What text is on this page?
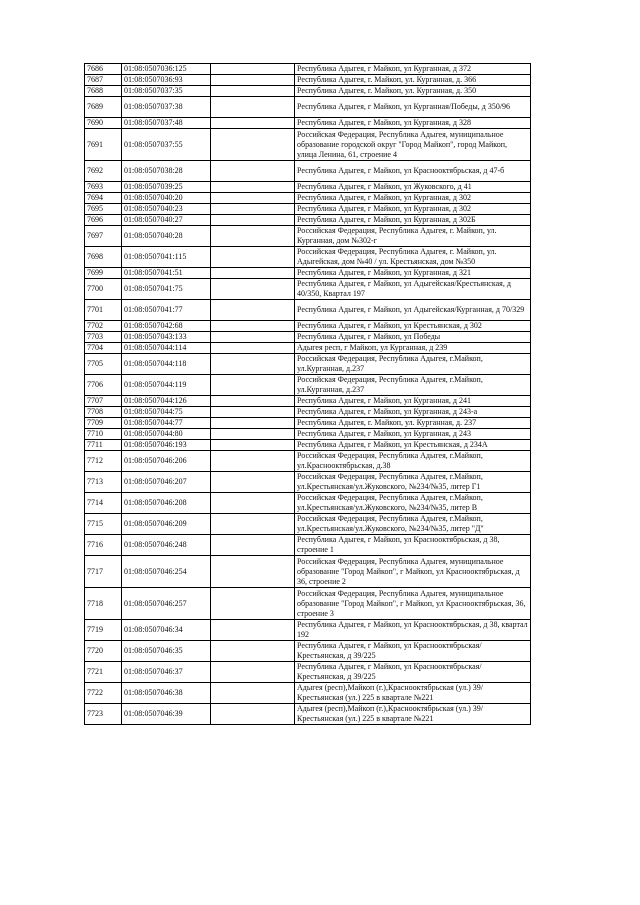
7686	01:08:0507036:125		Республика Адыгея, г Майкоп, ул Курганная, д 372
7687	01:08:0507036:93		Республика Адыгея, г. Майкоп, ул. Курганная, д. 366
7688	01:08:0507037:35		Республика Адыгея, г. Майкоп, ул. Курганная, д. 350
7689	01:08:0507037:38		Республика Адыгея, г Майкоп, ул Курганная/Победы, д 350/96
7690	01:08:0507037:48		Республика Адыгея, г Майкоп, ул Курганная, д 328
7691	01:08:0507037:55		Российская Федерация, Республика Адыгея, муниципальное образование городской округ "Город Майкоп", город Майкоп, улица Ленина, 61, строение 4
7692	01:08:0507038:28		Республика Адыгея, г Майкоп, ул Краснооктябрьская, д 47-б
7693	01:08:0507039:25		Республика Адыгея, г Майкоп, ул Жуковского, д 41
7694	01:08:0507040:20		Республика Адыгея, г Майкоп, ул Курганная, д 302
7695	01:08:0507040:23		Республика Адыгея, г Майкоп, ул Курганная, д 302
7696	01:08:0507040:27		Республика Адыгея, г Майкоп, ул Курганная, д 302Б
7697	01:08:0507040:28		Российская Федерация, Республика Адыгея, г. Майкоп, ул. Курганная, дом №302-г
7698	01:08:0507041:115		Российская Федерация, Республика Адыгея, г. Майкоп, ул. Адыгейская, дом №40 / ул. Крестьянская, дом №350
7699	01:08:0507041:51		Республика Адыгея, г Майкоп, ул Курганная, д 321
7700	01:08:0507041:75		Республика Адыгея, г Майкоп, ул Адыгейская/Крестьянская, д 40/350, Квартал 197
7701	01:08:0507041:77		Республика Адыгея, г Майкоп, ул Адыгейская/Курганная, д 70/329
7702	01:08:0507042:68		Республика Адыгея, г Майкоп, ул Крестьянская, д 302
7703	01:08:0507043:133		Республика Адыгея, г Майкоп, ул Победы
7704	01:08:0507044:114		Адыгея респ, г Майкоп, ул Курганная, д 239
7705	01:08:0507044:118		Российская Федерация, Республика Адыгея, г.Майкоп, ул.Курганная, д.237
7706	01:08:0507044:119		Российская Федерация, Республика Адыгея, г.Майкоп, ул.Курганная, д.237
7707	01:08:0507044:126		Республика Адыгея, г Майкоп, ул Курганная, д 241
7708	01:08:0507044:75		Республика Адыгея, г Майкоп, ул Курганная, д 243-а
7709	01:08:0507044:77		Республика Адыгея, г. Майкоп, ул. Курганная, д. 237
7710	01:08:0507044:80		Республика Адыгея, г Майкоп, ул Курганная, д 243
7711	01:08:0507046:193		Республика Адыгея, г Майкоп, ул Крестьянская, д 234А
7712	01:08:0507046:206		Российская Федерация, Республика Адыгея, г.Майкоп, ул.Краснооктябрьская, д.38
7713	01:08:0507046:207		Российская Федерация, Республика Адыгея, г.Майкоп, ул.Крестьянская/ул.Жуковского, №234/№35, литер Г1
7714	01:08:0507046:208		Российская Федерация, Республика Адыгея, г.Майкоп, ул.Крестьянская/ул.Жуковского, №234/№35, литер В
7715	01:08:0507046:209		Российская Федерация, Республика Адыгея, г.Майкоп, ул.Крестьянская/ул.Жуковского, №234/№35, литер "Д"
7716	01:08:0507046:248		Республика Адыгея, г Майкоп, ул Краснооктябрьская, д 38, строение 1
7717	01:08:0507046:254		Российская Федерация, Республика Адыгея, муниципальное образование "Город Майкоп", г Майкоп, ул Краснооктябрьская, д 36, строение 2
7718	01:08:0507046:257		Российская Федерация, Республика Адыгея, муниципальное образование "Город Майкоп", г Майкоп, ул Краснооктябрьская, 36, строение 3
7719	01:08:0507046:34		Республика Адыгея, г Майкоп, ул Краснооктябрьская, д 38, квартал 192
7720	01:08:0507046:35		Республика Адыгея, г Майкоп, ул Краснооктябрьская/Крестьянская, д 39/225
7721	01:08:0507046:37		Республика Адыгея, г Майкоп, ул Краснооктябрьская/Крестьянская, д 39/225
7722	01:08:0507046:38		Адыгея (респ),Майкоп (г.),Краснооктябрьская (ул.) 39/Крестьянская (ул.) 225 в квартале №221
7723	01:08:0507046:39		Адыгея (респ),Майкоп (г.),Краснооктябрьская (ул.) 39/Крестьянская (ул.) 225 в квартале №221
